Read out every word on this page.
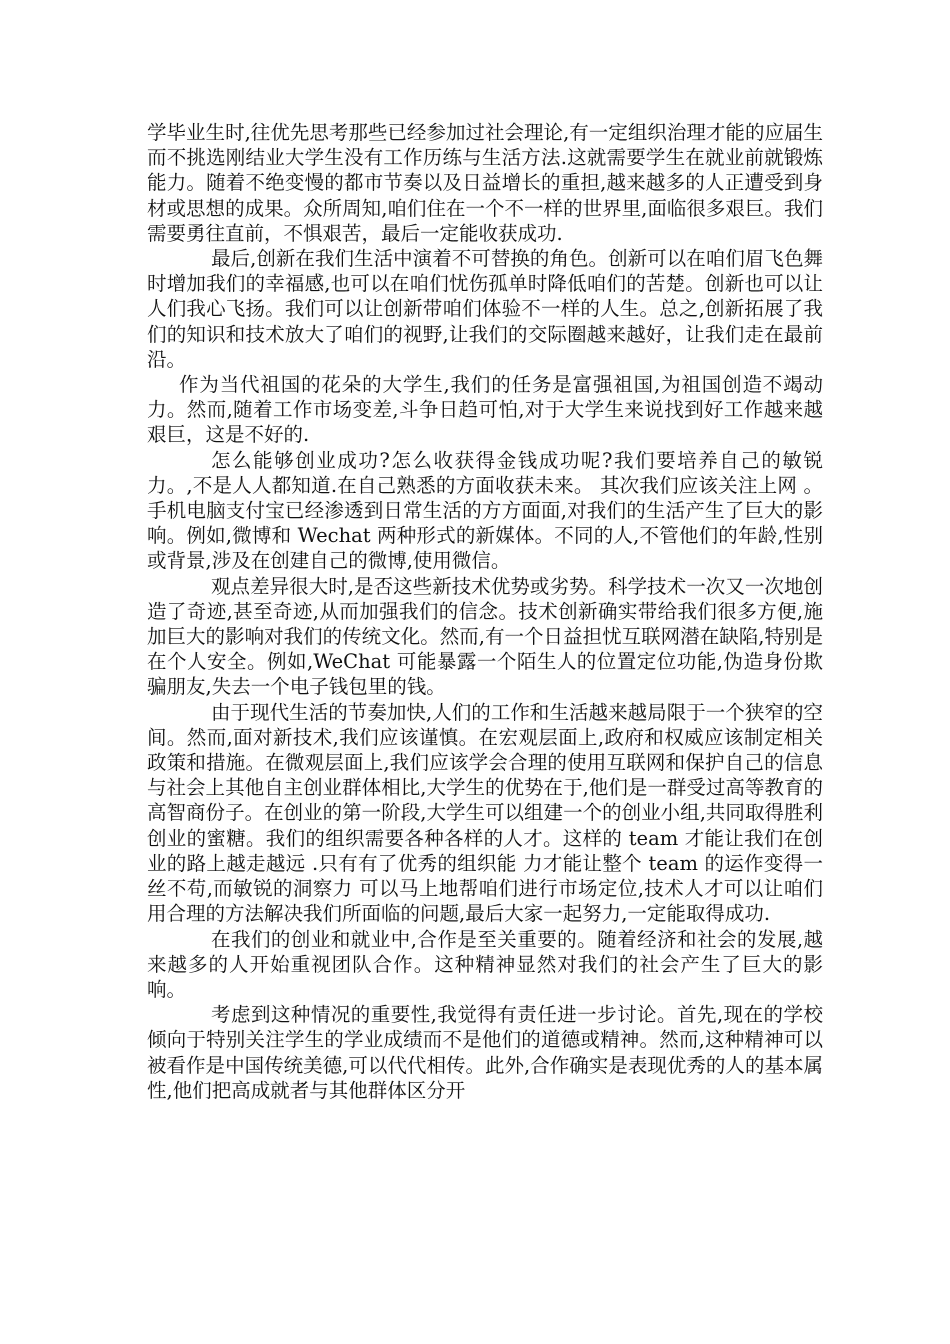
学毕业生时,往优先思考那些已经参加过社会理论,有一定组织治理才能的应届生而不挑选刚结业大学生没有工作历练与生活方法.这就需要学生在就业前就锻炼能力。随着不绝变慢的都市节奏以及日益增长的重担,越来越多的人正遭受到身材或思想的成果。众所周知,咱们住在一个不一样的世界里,面临很多艰巨。我们需要勇往直前，不惧艰苦，最后一定能收获成功.

最后,创新在我们生活中演着不可替换的角色。创新可以在咱们眉飞色舞时增加我们的幸福感,也可以在咱们忧伤孤单时降低咱们的苦楚。创新也可以让人们我心飞扬。我们可以让创新带咱们体验不一样的人生。总之,创新拓展了我们的知识和技术放大了咱们的视野,让我们的交际圈越来越好，让我们走在最前沿。

作为当代祖国的花朵的大学生,我们的任务是富强祖国,为祖国创造不竭动力。然而,随着工作市场变差,斗争日趋可怕,对于大学生来说找到好工作越来越艰巨，这是不好的.

怎么能够创业成功?怎么收获得金钱成功呢?我们要培养自己的敏锐力。,不是人人都知道.在自己熟悉的方面收获未来。 其次我们应该关注上网 。手机电脑支付宝已经渗透到日常生活的方方面面,对我们的生活产生了巨大的影响。例如,微博和 Wechat 两种形式的新媒体。不同的人,不管他们的年龄,性别或背景,涉及在创建自己的微博,使用微信。

观点差异很大时,是否这些新技术优势或劣势。科学技术一次又一次地创造了奇迹,甚至奇迹,从而加强我们的信念。技术创新确实带给我们很多方便,施加巨大的影响对我们的传统文化。然而,有一个日益担忧互联网潜在缺陷,特别是在个人安全。例如,WeChat 可能暴露一个陌生人的位置定位功能,伪造身份欺骗朋友,失去一个电子钱包里的钱。

由于现代生活的节奏加快,人们的工作和生活越来越局限于一个狭窄的空间。然而,面对新技术,我们应该谨慎。在宏观层面上,政府和权威应该制定相关政策和措施。在微观层面上,我们应该学会合理的使用互联网和保护自己的信息与社会上其他自主创业群体相比,大学生的优势在于,他们是一群受过高等教育的高智商份子。在创业的第一阶段,大学生可以组建一个的创业小组,共同取得胜利创业的蜜糖。我们的组织需要各种各样的人才。这样的 team 才能让我们在创业的路上越走越远 .只有有了优秀的组织能 力才能让整个 team 的运作变得一丝不苟,而敏锐的洞察力 可以马上地帮咱们进行市场定位,技术人才可以让咱们用合理的方法解决我们所面临的问题,最后大家一起努力,一定能取得成功.

在我们的创业和就业中,合作是至关重要的。随着经济和社会的发展,越来越多的人开始重视团队合作。这种精神显然对我们的社会产生了巨大的影响。

考虑到这种情况的重要性,我觉得有责任进一步讨论。首先,现在的学校倾向于特别关注学生的学业成绩而不是他们的道德或精神。然而,这种精神可以被看作是中国传统美德,可以代代相传。此外,合作确实是表现优秀的人的基本属性,他们把高成就者与其他群体区分开
